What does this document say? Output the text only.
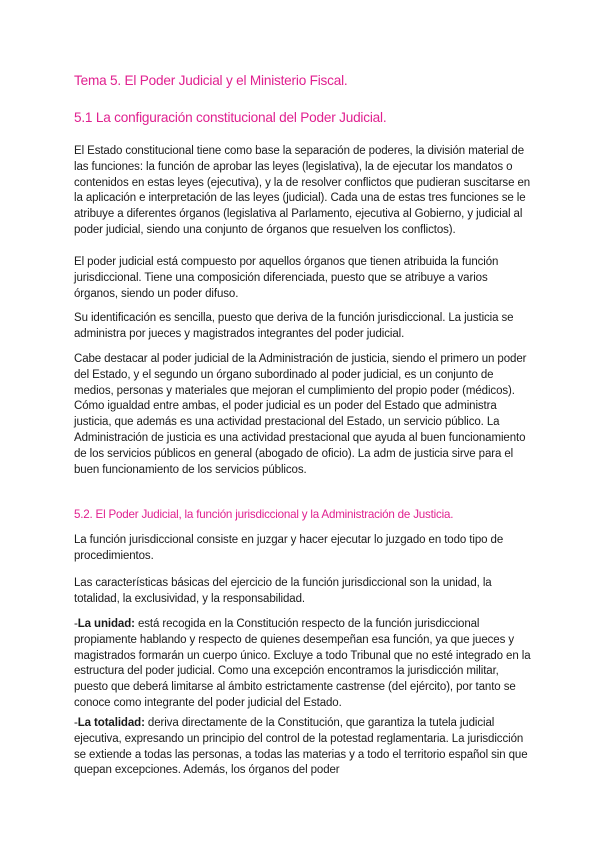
Tema 5. El Poder Judicial y el Ministerio Fiscal.
5.1 La configuración constitucional del Poder Judicial.

El Estado constitucional tiene como base la separación de poderes, la división material de las funciones: la función de aprobar las leyes (legislativa), la de ejecutar los mandatos o contenidos en estas leyes (ejecutiva), y la de resolver conflictos que pudieran suscitarse en la aplicación e interpretación de las leyes (judicial). Cada una de estas tres funciones se le atribuye a diferentes órganos (legislativa al Parlamento, ejecutiva al Gobierno, y judicial al poder judicial, siendo una conjunto de órganos que resuelven los conflictos).

El poder judicial está compuesto por aquellos órganos que tienen atribuida la función jurisdiccional. Tiene una composición diferenciada, puesto que se atribuye a varios órganos, siendo un poder difuso.

Su identificación es sencilla, puesto que deriva de la función jurisdiccional. La justicia se administra por jueces y magistrados integrantes del poder judicial.

Cabe destacar al poder judicial de la Administración de justicia, siendo el primero un poder del Estado, y el segundo un órgano subordinado al poder judicial, es un conjunto de medios, personas y materiales que mejoran el cumplimiento del propio poder (médicos). Cómo igualdad entre ambas, el poder judicial es un poder del Estado que administra justicia, que además es una actividad prestacional del Estado, un servicio público. La Administración de justicia es una actividad prestacional que ayuda al buen funcionamiento de los servicios públicos en general (abogado de oficio). La adm de justicia sirve para el buen funcionamiento de los servicios públicos.

5.2. El Poder Judicial, la función jurisdiccional y la Administración de Justicia.

La función jurisdiccional consiste en juzgar y hacer ejecutar lo juzgado en todo tipo de procedimientos.

Las características básicas del ejercicio de la función jurisdiccional son la unidad, la totalidad, la exclusividad, y la responsabilidad.

-La unidad: está recogida en la Constitución respecto de la función jurisdiccional propiamente hablando y respecto de quienes desempeñan esa función, ya que jueces y magistrados formarán un cuerpo único. Excluye a todo Tribunal que no esté integrado en la estructura del poder judicial. Como una excepción encontramos la jurisdicción militar, puesto que deberá limitarse al ámbito estrictamente castrense (del ejército), por tanto se conoce como integrante del poder judicial del Estado.

-La totalidad: deriva directamente de la Constitución, que garantiza la tutela judicial ejecutiva, expresando un principio del control de la potestad reglamentaria. La jurisdicción se extiende a todas las personas, a todas las materias y a todo el territorio español sin que quepan excepciones. Además, los órganos del poder
